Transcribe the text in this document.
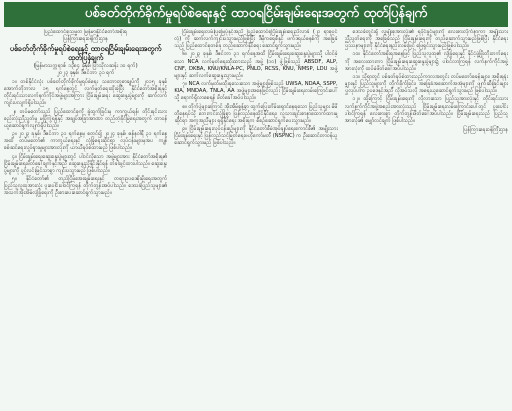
ပစ်ခတ်တိုက်ခိုက်မှုရပ်စဲရေးနှင့် ထာဝရငြိမ်းချမ်းရေးအတွက် ထုတ်ပြန်ချက်
ပြည်ထောင်စုသမ္မတ မြန်မာနိုင်ငံတော်အစိုးရ
ပြန်ကြားရေးဝန်ကြီးဌာန
ပစ်ခတ်တိုက်ခိုက်မှုရပ်စဲရေးနှင့် ထာဝရငြိမ်းချမ်းရေးအတွက် ထုတ်ပြန်ချက်
(မြန်မာသက္ကရာဇ် ၁၃၈၄ ခုနှစ်၊ ပြာသိုလဆန်း ၁၀ ရက်)
၂၀၂၃ ခုနှစ်၊ ဒီဇင်ဘာ ၃၁ ရက်

၁။ တစ်နိုင်ငံလုံး ပစ်ခတ်တိုက်ခိုက်မှုရပ်စဲရေး သဘောတူစာချုပ်ကို ၂၀၁၅ ခုနှစ် အောက်တိုဘာလ ၁၅ ရက်နေ့တွင် လက်မှတ်ရေးထိုးခဲ့ပြီး နိုင်ငံတော်အစိုးရနှင့် တိုင်းရင်းသားလက်နက်ကိုင်အဖွဲ့များအကြား ငြိမ်းချမ်းရေး ဆွေးနွေးပွဲများကို ဆက်လက်ကျင်းပလျက်ရှိပါသည်။

၂။ တပ်မတော်သည် ပြည်ထောင်စုကို ခွဲထွက်ခြင်းမှ ကာကွယ်ရန်၊ တိုင်းရင်းသား စည်းလုံးညီညွတ်မှု မပြိုကွဲရန်နှင့် အချုပ်အခြာအာဏာ တည်တံ့ခိုင်မြဲရေးအတွက် တာဝန်ယူဆောင်ရွက်လျက်ရှိပါသည်။

၃။ ၂၀၂၃ ခုနှစ်၊ ဒီဇင်ဘာ ၃၁ ရက်နေ့မှ စတင်၍ ၂၀၂၄ ခုနှစ်၊ ဇန်နဝါရီ ၃၁ ရက်နေ့အထိ တပ်မတော်၏ ကာကွယ်ရေးနှင့် လုံခြုံရေးဆိုင်ရာ လုပ်ငန်းများမှအပ ကျန်စစ်ဆင်ရေးလှုပ်ရှားမှုများအားလုံးကို ယာယီရပ်စဲထားမည် ဖြစ်ပါသည်။

၄။ ငြိမ်းချမ်းရေးဆွေးနွေးပွဲများတွင် ပါဝင်လိုသော အဖွဲ့များအား နိုင်ငံတော်အစိုးရ၏ ငြိမ်းချမ်းရေးဖိတ်ခေါ်ချက်နှင့်အညီ ဆွေးနွေးညှိနှိုင်းနိုင်ရန် တံခါးဖွင့်ထားပါသည်။ ဆွေးနွေးပွဲများကို ပွင့်လင်းမြင်သာစွာ ကျင်းပသွားမည် ဖြစ်ပါသည်။

၅။ နိုင်ငံတော်၏ တည်ငြိမ်အေးချမ်းရေးနှင့် တရားဥပဒေစိုးမိုးရေးအတွက် ပြည်သူလူထုအားလုံး ပူးပေါင်းပါဝင်ကြရန် တိုက်တွန်းအပ်ပါသည်။ ဒေသခံပြည်သူများ၏ အသက်အိုးအိမ်လုံခြုံရေးကို ဦးစားပေးဆောင်ရွက်သွားမည်။

ငြိမ်းချမ်းရေးလမ်းပြမြေပုံနှင့်အညီ ပြည်ထောင်စုငြိမ်းချမ်းရေးညီလာခံ (၂၁ ရာစုပင်လုံ) ကို ဆက်လက်ကျင်းပသွားမည်ဖြစ်ပြီး ဒီမိုကရေစီနှင့် ဖက်ဒရယ်စနစ်ကို အခြေခံသည့် ပြည်ထောင်စုတစ်ခု တည်ဆောက်နိုင်ရေး ဆောင်ရွက်သွားမည်။

၆။ ၂၀၂၃ ခုနှစ်၊ ဒီဇင်ဘာ ၃၁ ရက်နေ့အထိ ငြိမ်းချမ်းရေးဆွေးနွေးပွဲများသို့ ပါဝင်ခဲ့သော NCA လက်မှတ်ရေးထိုးထားသည့် အဖွဲ့ (၁၀) ဖွဲ့ဖြစ်သည့် ABSDF, ALP, CNF, DKBA, KNU/KNLA-PC, PNLO, RCSS, KNU, NMSP, LDU အဖွဲ့များနှင့် ဆက်လက်ဆွေးနွေးသွားမည်။

၇။ NCA လက်မှတ်မထိုးရသေးသော အဖွဲ့များဖြစ်သည့် UWSA, NDAA, SSPP, KIA, MNDAA, TNLA, AA အဖွဲ့များအနေဖြင့်လည်း ငြိမ်းချမ်းရေးလမ်းကြောင်းပေါ်သို့ ရောက်ရှိလာစေရန် ဖိတ်ခေါ်အပ်ပါသည်။

၈။ တိုက်ပွဲများကြောင့် အိုးအိမ်စွန့်ခွာ ထွက်ပြေးတိမ်းရှောင်နေရသော ပြည်သူများ မိမိတို့နေရပ်သို့ ဘေးကင်းလုံခြုံစွာ ပြန်လည်နေထိုင်နိုင်ရေး၊ လူသားချင်းစာနာထောက်ထားမှုဆိုင်ရာ အကူအညီများ ရရှိနိုင်ရေး အစိုးရက စီစဉ်ဆောင်ရွက်ပေးသွားမည်။

၉။ ငြိမ်းချမ်းရေးလုပ်ငန်းစဉ်များကို နိုင်ငံတော်စီမံအုပ်ချုပ်ရေးကောင်စီ၏ အမျိုးသားငြိမ်းချမ်းရေးနှင့် ပြန်လည်သင့်မြတ်ရေးဗဟိုကော်မတီ (NSPNC) က ဦးဆောင်တာဝန်ယူ ဆောင်ရွက်သွားမည် ဖြစ်ပါသည်။

ဒေသခံတွင်းရှိ လူမျိုးစုအားလုံး၏ ရပိုင်ခွင့်များကို လေးစားလိုက်နာကာ အမျိုးသားညီညွတ်ရေးကို အခြေခံသည့် ငြိမ်းချမ်းရေးကို တည်ဆောက်သွားမည်ဖြစ်ပြီး နိုင်ငံရေးပြဿနာများကို နိုင်ငံရေးနည်းလမ်းဖြင့် ဖြေရှင်းသွားမည်ဖြစ်ပါသည်။

၁၀။ နိုင်ငံတော်အစိုးရအနေဖြင့် ပြည်သူလူထု၏ လုံခြုံရေးနှင့် နိုင်ငံ့ဖွံ့ဖြိုးတိုးတက်ရေးကို အလေးထားကာ ငြိမ်းချမ်းရေးဆွေးနွေးပွဲများ၌ ပါဝင်လာကြရန် လက်နက်ကိုင်အဖွဲ့အားလုံးကို ထပ်မံဖိတ်ခေါ်အပ်ပါသည်။

၁၁။ သို့ရာတွင် ပစ်ခတ်ရပ်စဲထားသည့်ကာလအတွင်း တပ်မတော်စခန်းများ၊ အစိုးရရုံးများနှင့် ပြည်သူများကို တိုက်ခိုက်ခြင်း၊ အခြေခံအဆောက်အအုံများကို ဖျက်ဆီးခြင်းများ ပြုလုပ်ပါက ဥပဒေနှင့်အညီ လိုအပ်သလို အရေးယူဆောင်ရွက်သွားမည် ဖြစ်ပါသည်။

၁၂။ ထို့ကြောင့် ငြိမ်းချမ်းရေးကို လိုလားသော ပြည်သူအားလုံးနှင့် တိုင်းရင်းသားလက်နက်ကိုင်အဖွဲ့အစည်းအားလုံးသည် ငြိမ်းချမ်းရေးလမ်းကြောင်းပေါ်တွင် ပူးပေါင်းပါဝင်ကြရန် လေးစားစွာ တိုက်တွန်းဖိတ်ခေါ်အပ်ပါသည်။ ငြိမ်းချမ်းရေးသည် ပြည်သူအားလုံး၏ မျှော်လင့်ချက် ဖြစ်ပါသည်။

ပြန်ကြားရေးဝန်ကြီးဌာန
